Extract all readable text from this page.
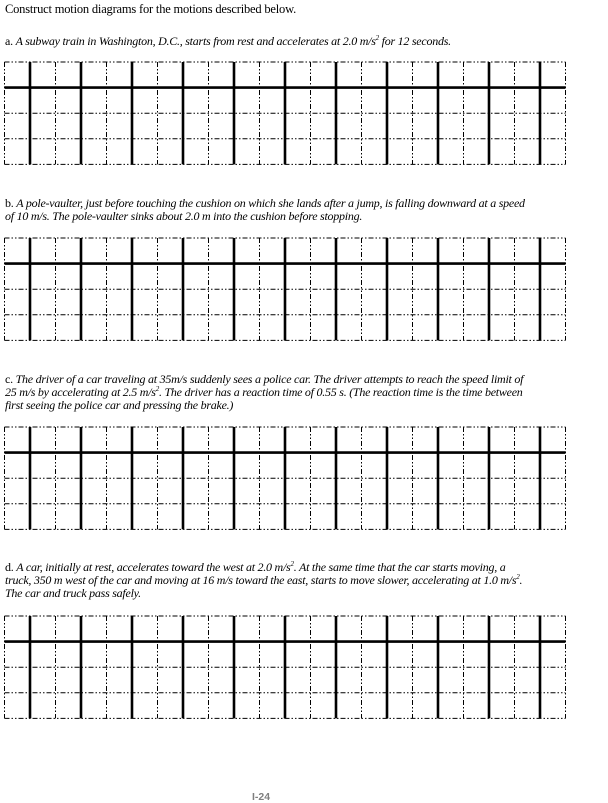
Construct motion diagrams for the motions described below.
a. A subway train in Washington, D.C., starts from rest and accelerates at 2.0 $m/s^2$ for 12 seconds.
b. A pole-vaulter, just before touching the cushion on which she lands after a jump, is falling downward at a speed
of 10 m/s. The pole-vaulter sinks about 2.0 m into the cushion before stopping.
c. The driver of a car traveling at 35m/s suddenly sees a police car. The driver attempts to reach the speed limit of
25 m/s by accelerating at 2.5 $m/s^2$. The driver has a reaction time of 0.55 s. (The reaction time is the time between
first seeing the police car and pressing the brake.)
d. A car, initially at rest, accelerates toward the west at 2.0 $m/s^2$. At the same time that the car starts moving, a
truck, 350 m west of the car and moving at 16 m/s toward the east, starts to move slower, accelerating at 1.0 $m/s^2$.
The car and truck pass safely.
I-24
